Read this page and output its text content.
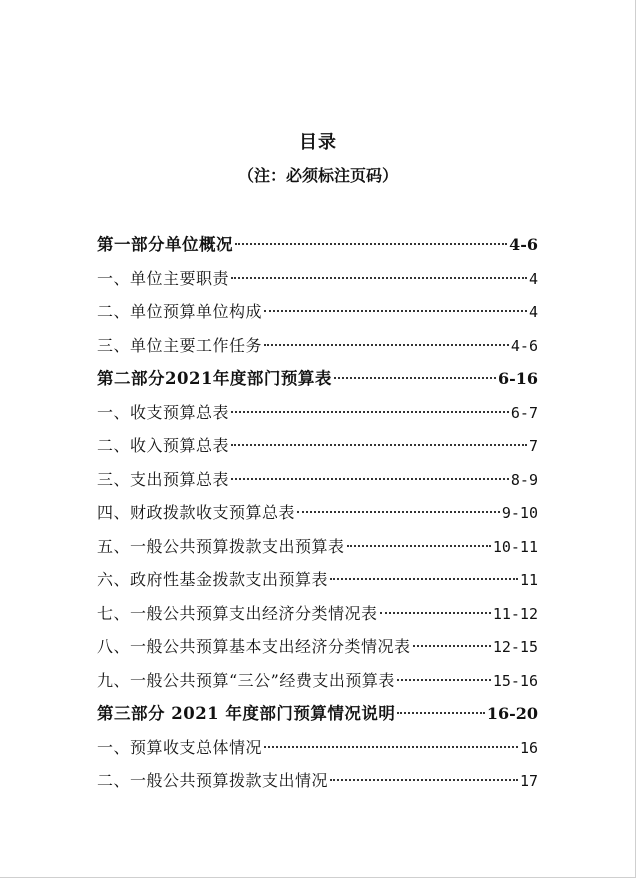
目录
（注：必须标注页码）
第一部分单位概况	4-6
一、单位主要职责	4
二、单位预算单位构成	4
三、单位主要工作任务	4-6
第二部分2021年度部门预算表	6-16
一、收支预算总表	6-7
二、收入预算总表	7
三、支出预算总表	8-9
四、财政拨款收支预算总表	9-10
五、一般公共预算拨款支出预算表	10-11
六、政府性基金拨款支出预算表	11
七、一般公共预算支出经济分类情况表	11-12
八、一般公共预算基本支出经济分类情况表	12-15
九、一般公共预算“三公”经费支出预算表	15-16
第三部分 2021 年度部门预算情况说明	16-20
一、预算收支总体情况	16
二、一般公共预算拨款支出情况	17
